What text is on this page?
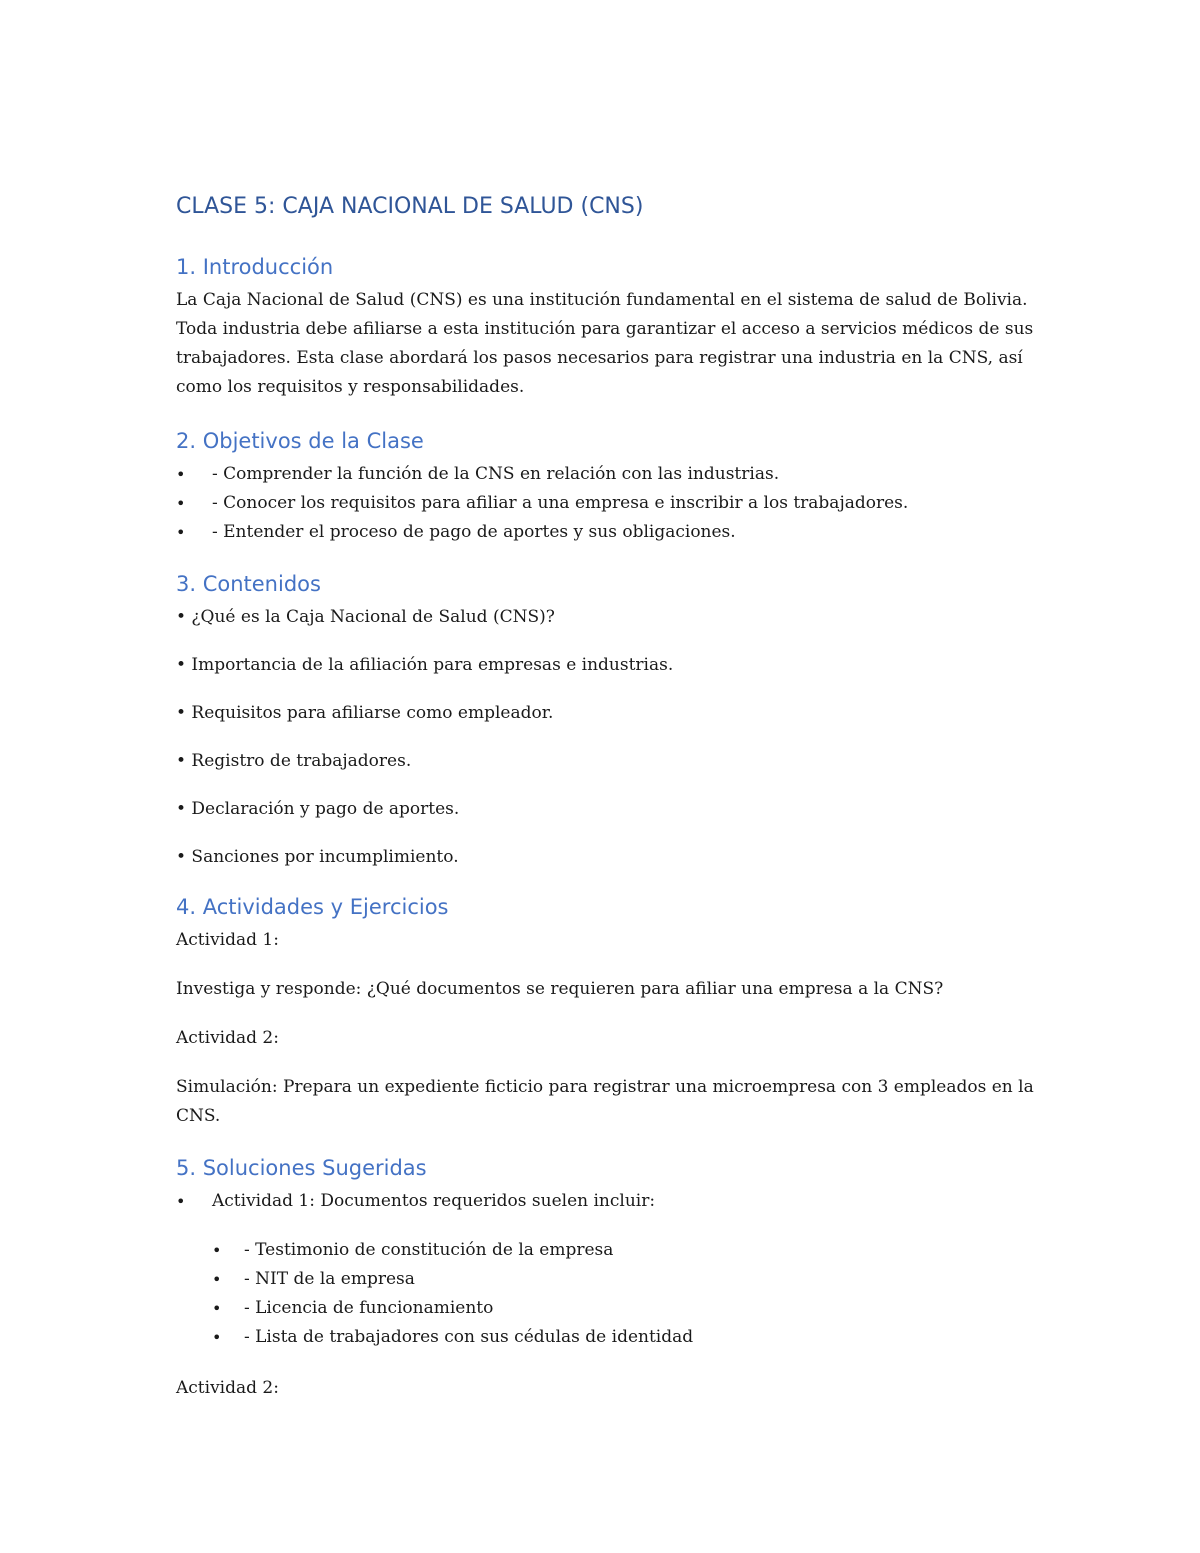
CLASE 5: CAJA NACIONAL DE SALUD (CNS)
1. Introducción

La Caja Nacional de Salud (CNS) es una institución fundamental en el sistema de salud de Bolivia. Toda industria debe afiliarse a esta institución para garantizar el acceso a servicios médicos de sus trabajadores. Esta clase abordará los pasos necesarios para registrar una industria en la CNS, así como los requisitos y responsabilidades.

2. Objetivos de la Clase
• - Comprender la función de la CNS en relación con las industrias.
• - Conocer los requisitos para afiliar a una empresa e inscribir a los trabajadores.
• - Entender el proceso de pago de aportes y sus obligaciones.
3. Contenidos

• ¿Qué es la Caja Nacional de Salud (CNS)?

• Importancia de la afiliación para empresas e industrias.

• Requisitos para afiliarse como empleador.

• Registro de trabajadores.

• Declaración y pago de aportes.

• Sanciones por incumplimiento.

4. Actividades y Ejercicios

Actividad 1:

Investiga y responde: ¿Qué documentos se requieren para afiliar una empresa a la CNS?

Actividad 2:

Simulación: Prepara un expediente ficticio para registrar una microempresa con 3 empleados en la CNS.

5. Soluciones Sugeridas
• Actividad 1: Documentos requeridos suelen incluir:
• - Testimonio de constitución de la empresa
• - NIT de la empresa
• - Licencia de funcionamiento
• - Lista de trabajadores con sus cédulas de identidad

Actividad 2:
